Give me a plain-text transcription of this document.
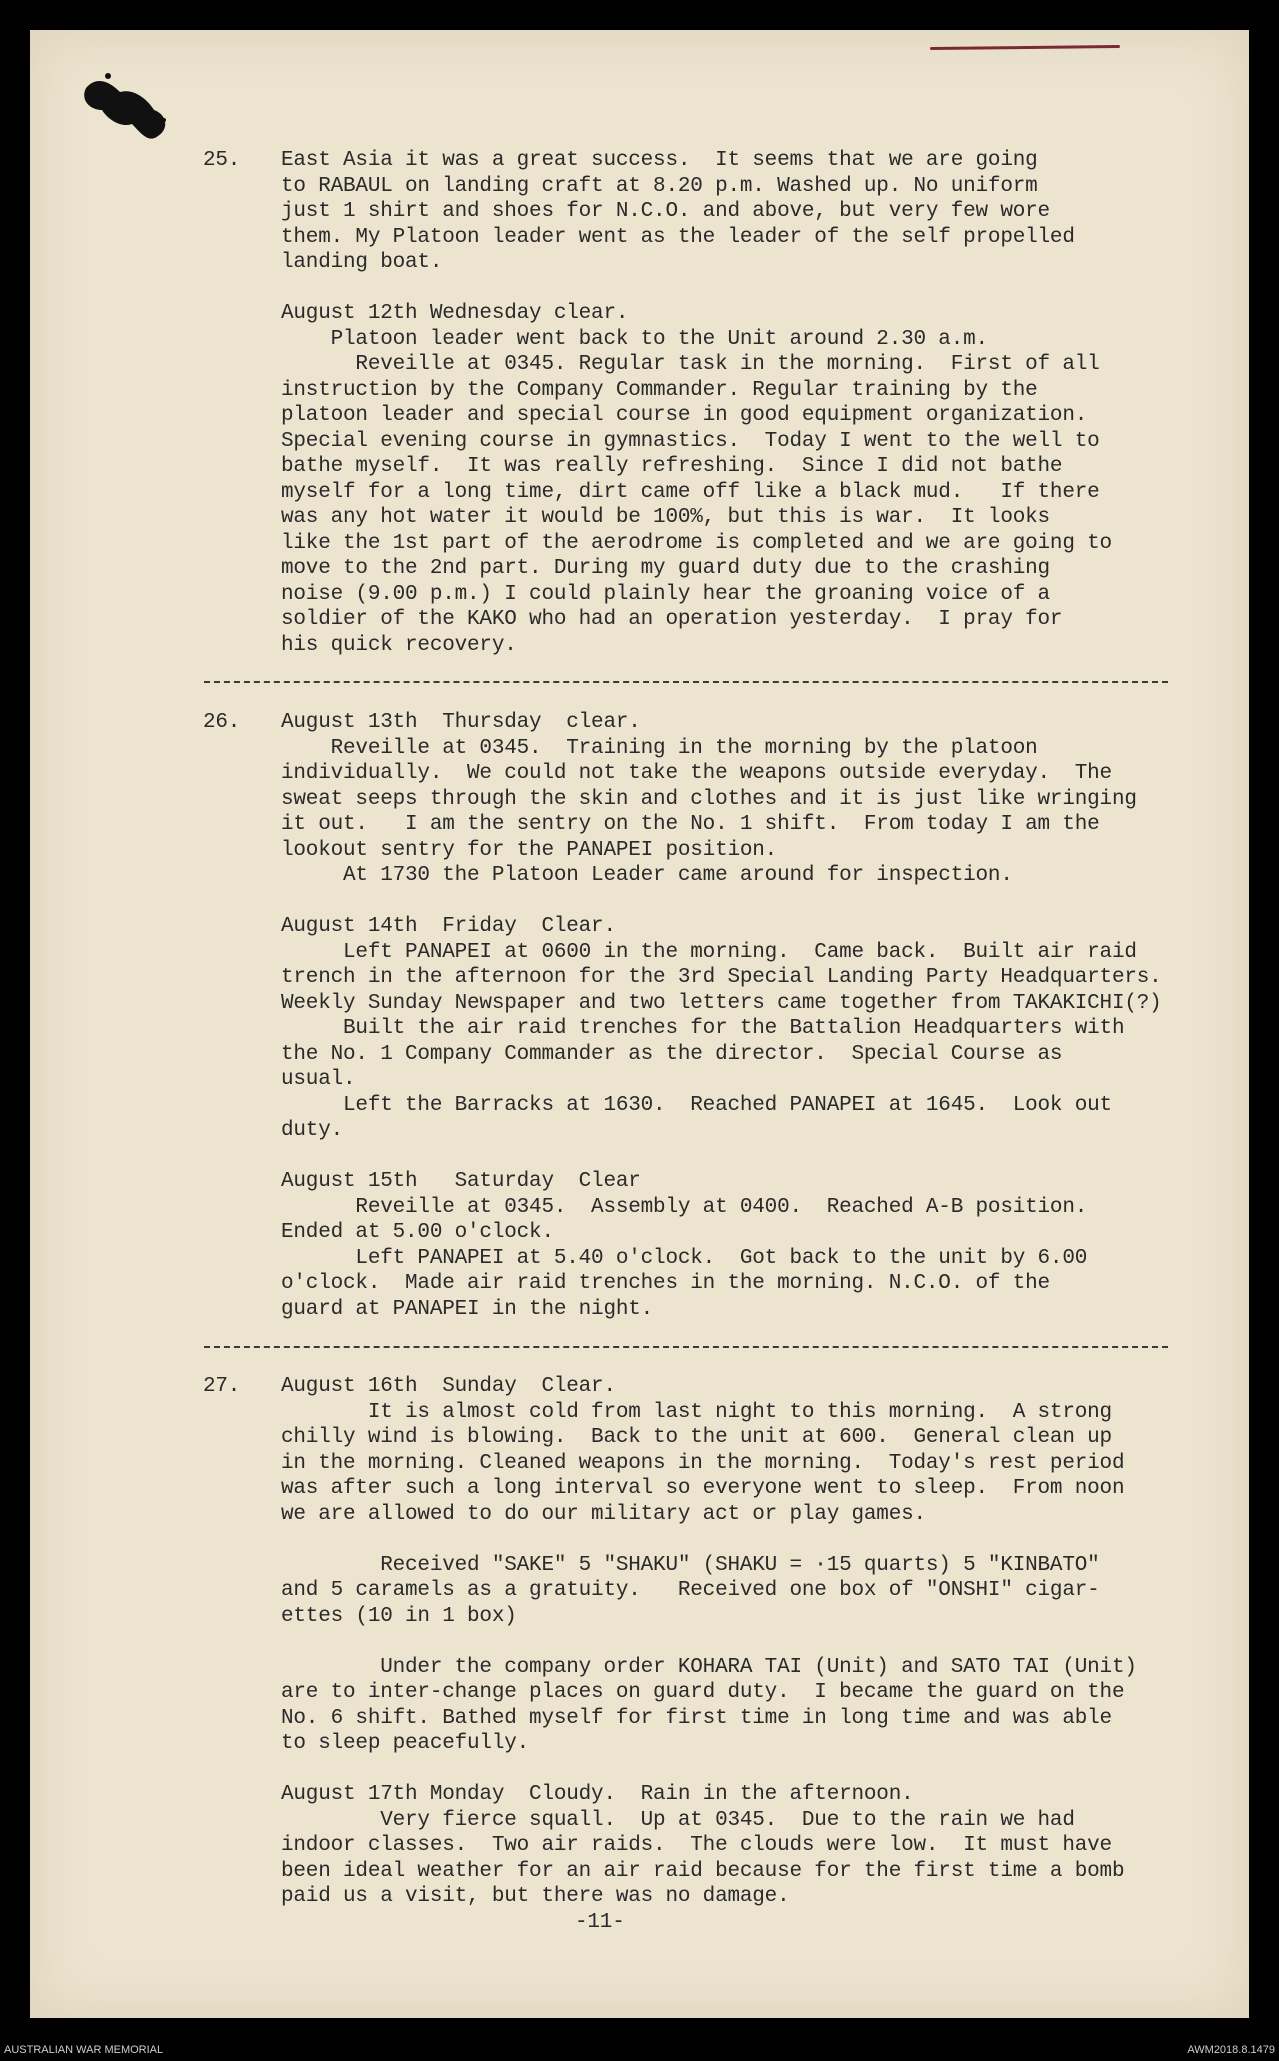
25. East Asia it was a great success.  It seems that we are going
to RABAUL on landing craft at 8.20 p.m. Washed up. No uniform
just 1 shirt and shoes for N.C.O. and above, but very few wore
them. My Platoon leader went as the leader of the self propelled
landing boat.

August 12th Wednesday clear.
Platoon leader went back to the Unit around 2.30 a.m.
Reveille at 0345. Regular task in the morning.  First of all
instruction by the Company Commander. Regular training by the
platoon leader and special course in good equipment organization.
Special evening course in gymnastics.  Today I went to the well to
bathe myself.  It was really refreshing.  Since I did not bathe
myself for a long time, dirt came off like a black mud.   If there
was any hot water it would be 100%, but this is war.  It looks
like the 1st part of the aerodrome is completed and we are going to
move to the 2nd part. During my guard duty due to the crashing
noise (9.00 p.m.) I could plainly hear the groaning voice of a
soldier of the KAKO who had an operation yesterday.  I pray for
his quick recovery.
26. August 13th  Thursday  clear.
Reveille at 0345.  Training in the morning by the platoon
individually.  We could not take the weapons outside everyday.  The
sweat seeps through the skin and clothes and it is just like wringing
it out.   I am the sentry on the No. 1 shift.  From today I am the
lookout sentry for the PANAPEI position.
At 1730 the Platoon Leader came around for inspection.

August 14th  Friday  Clear.
Left PANAPEI at 0600 in the morning.  Came back.  Built air raid
trench in the afternoon for the 3rd Special Landing Party Headquarters.
Weekly Sunday Newspaper and two letters came together from TAKAKICHI(?)
Built the air raid trenches for the Battalion Headquarters with
the No. 1 Company Commander as the director.  Special Course as
usual.
Left the Barracks at 1630.  Reached PANAPEI at 1645.  Look out
duty.

August 15th   Saturday  Clear
Reveille at 0345.  Assembly at 0400.  Reached A-B position.
Ended at 5.00 o'clock.
Left PANAPEI at 5.40 o'clock.  Got back to the unit by 6.00
o'clock.  Made air raid trenches in the morning. N.C.O. of the
guard at PANAPEI in the night.
27. August 16th  Sunday  Clear.
It is almost cold from last night to this morning.  A strong
chilly wind is blowing.  Back to the unit at 600.  General clean up
in the morning. Cleaned weapons in the morning.  Today's rest period
was after such a long interval so everyone went to sleep.  From noon
we are allowed to do our military act or play games.

Received "SAKE" 5 "SHAKU" (SHAKU = ·15 quarts) 5 "KINBATO"
and 5 caramels as a gratuity.   Received one box of "ONSHI" cigar-
ettes (10 in 1 box)

Under the company order KOHARA TAI (Unit) and SATO TAI (Unit)
are to inter-change places on guard duty.  I became the guard on the
No. 6 shift. Bathed myself for first time in long time and was able
to sleep peacefully.

August 17th Monday  Cloudy.  Rain in the afternoon.
Very fierce squall.  Up at 0345.  Due to the rain we had
indoor classes.  Two air raids.  The clouds were low.  It must have
been ideal weather for an air raid because for the first time a bomb
paid us a visit, but there was no damage.
-11-
AUSTRALIAN WAR MEMORIAL	AWM2018.8.1479
